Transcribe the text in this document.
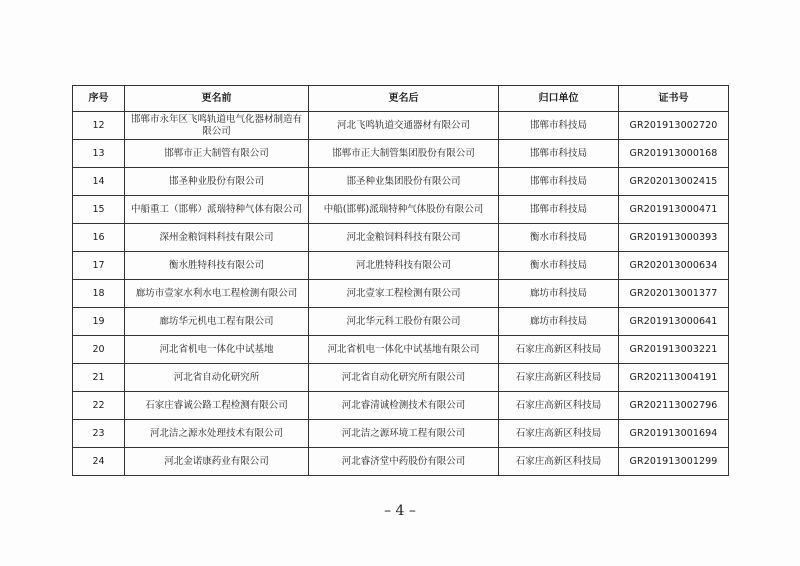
序号	更名前	更名后	归口单位	证书号
12	邯郸市永年区飞鸣轨道电气化器材制造有限公司	河北飞鸣轨道交通器材有限公司	邯郸市科技局	GR201913002720
13	邯郸市正大制管有限公司	邯郸市正大制管集团股份有限公司	邯郸市科技局	GR201913000168
14	邯圣种业股份有限公司	邯圣种业集团股份有限公司	邯郸市科技局	GR202013002415
15	中船重工（邯郸）派瑞特种气体有限公司	中船(邯郸)派瑞特种气体股份有限公司	邯郸市科技局	GR201913000471
16	深州金粮饲料科技有限公司	河北金粮饲料科技有限公司	衡水市科技局	GR201913000393
17	衡水胜特科技有限公司	河北胜特科技有限公司	衡水市科技局	GR202013000634
18	廊坊市壹家水利水电工程检测有限公司	河北壹家工程检测有限公司	廊坊市科技局	GR202013001377
19	廊坊华元机电工程有限公司	河北华元科工股份有限公司	廊坊市科技局	GR201913000641
20	河北省机电一体化中试基地	河北省机电一体化中试基地有限公司	石家庄高新区科技局	GR201913003221
21	河北省自动化研究所	河北省自动化研究所有限公司	石家庄高新区科技局	GR202113004191
22	石家庄睿诚公路工程检测有限公司	河北睿清诚检测技术有限公司	石家庄高新区科技局	GR202113002796
23	河北洁之源水处理技术有限公司	河北洁之源环境工程有限公司	石家庄高新区科技局	GR201913001694
24	河北金诺康药业有限公司	河北睿济堂中药股份有限公司	石家庄高新区科技局	GR201913001299
– 4 –
